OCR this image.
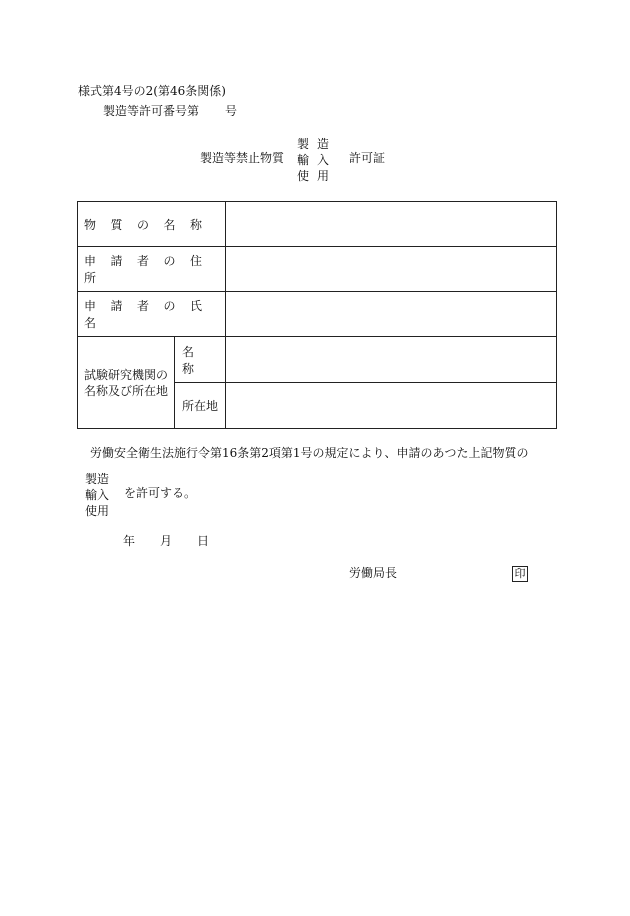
様式第4号の2(第46条関係)
製造等許可番号第 号
製造等禁止物質
製造
輸入
使用
許可証
物質の名称		
申請者の住所		
申請者の氏名		

試験研究機関の
名称及び所在地	名称	
	所在地	
労働安全衛生法施行令第16条第2項第1号の規定により、申請のあつた上記物質の
製造
輸入
使用
を許可する。
年 月 日
労働局長	印
